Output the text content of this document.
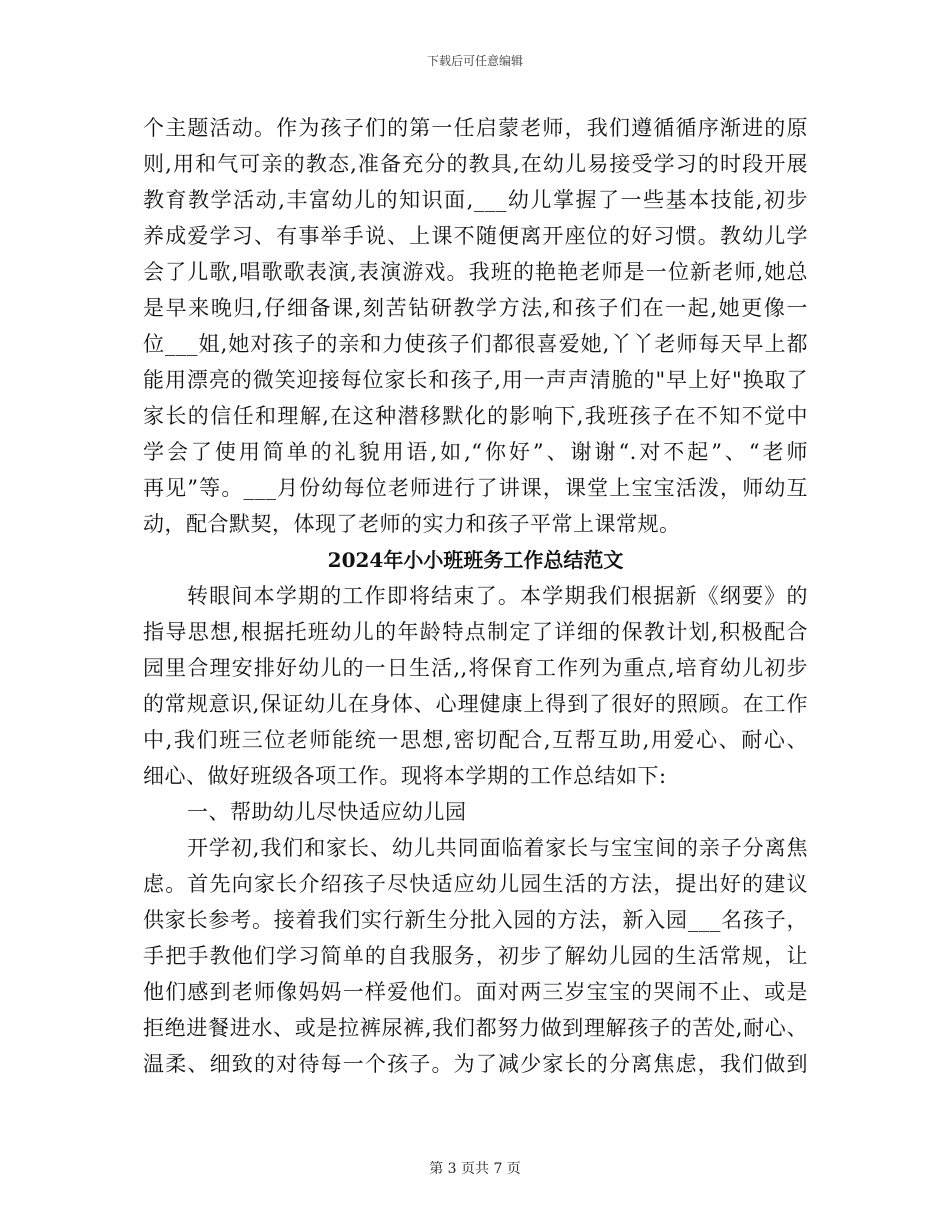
下载后可任意编辑
个主题活动。作为孩子们的第一任启蒙老师，我们遵循循序渐进的原
则,用和气可亲的教态,准备充分的教具,在幼儿易接受学习的时段开展
教育教学活动,丰富幼儿的知识面,___幼儿掌握了一些基本技能,初步
养成爱学习、有事举手说、上课不随便离开座位的好习惯。教幼儿学
会了儿歌,唱歌歌表演,表演游戏。我班的艳艳老师是一位新老师,她总
是早来晚归,仔细备课,刻苦钻研教学方法,和孩子们在一起,她更像一
位___姐,她对孩子的亲和力使孩子们都很喜爱她,丫丫老师每天早上都
能用漂亮的微笑迎接每位家长和孩子,用一声声清脆的"早上好"换取了
家长的信任和理解,在这种潜移默化的影响下,我班孩子在不知不觉中
学会了使用简单的礼貌用语,如,“你好”、谢谢“.对不起”、“老师
再见”等。___月份幼每位老师进行了讲课，课堂上宝宝活泼，师幼互
动，配合默契，体现了老师的实力和孩子平常上课常规。
2024年小小班班务工作总结范文
转眼间本学期的工作即将结束了。本学期我们根据新《纲要》的
指导思想,根据托班幼儿的年龄特点制定了详细的保教计划,积极配合
园里合理安排好幼儿的一日生活,,将保育工作列为重点,培育幼儿初步
的常规意识,保证幼儿在身体、心理健康上得到了很好的照顾。在工作
中,我们班三位老师能统一思想,密切配合,互帮互助,用爱心、耐心、
细心、做好班级各项工作。现将本学期的工作总结如下:
一、帮助幼儿尽快适应幼儿园
开学初,我们和家长、幼儿共同面临着家长与宝宝间的亲子分离焦
虑。首先向家长介绍孩子尽快适应幼儿园生活的方法，提出好的建议
供家长参考。接着我们实行新生分批入园的方法，新入园___名孩子，
手把手教他们学习简单的自我服务，初步了解幼儿园的生活常规，让
他们感到老师像妈妈一样爱他们。面对两三岁宝宝的哭闹不止、或是
拒绝进餐进水、或是拉裤尿裤,我们都努力做到理解孩子的苦处,耐心、
温柔、细致的对待每一个孩子。为了减少家长的分离焦虑，我们做到
第 3 页共 7 页
